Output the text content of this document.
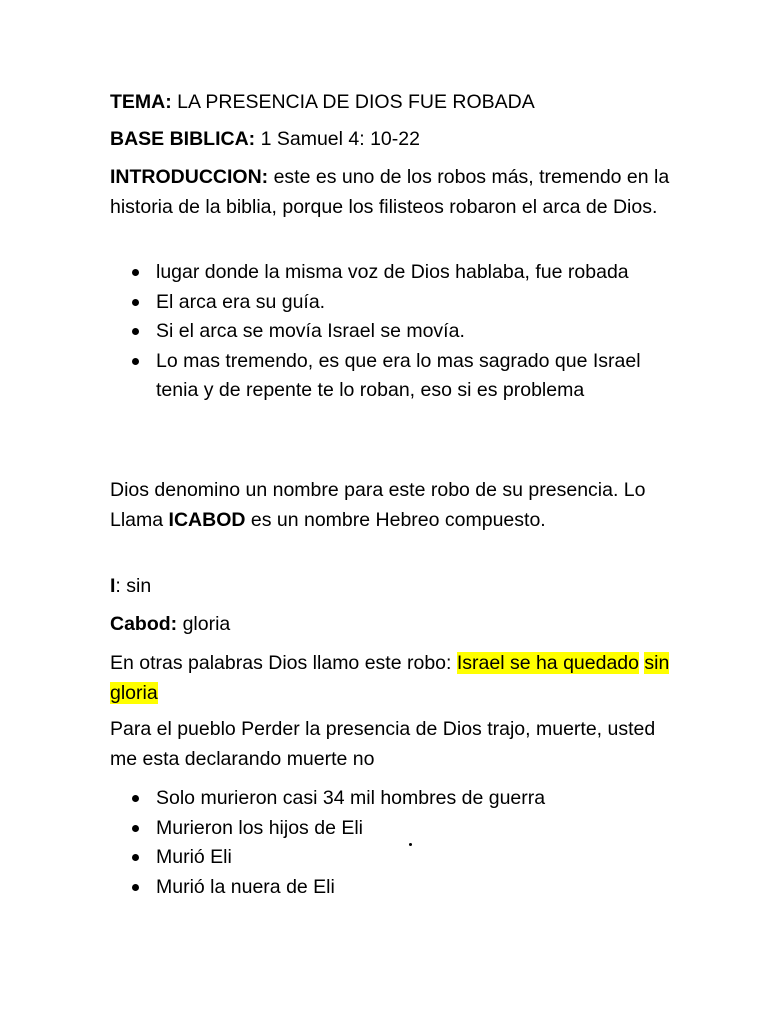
TEMA: LA PRESENCIA DE DIOS FUE ROBADA

BASE BIBLICA: 1 Samuel 4: 10-22

INTRODUCCION: este es uno de los robos más, tremendo en la historia de la biblia, porque los filisteos robaron el arca de Dios.

lugar donde la misma voz de Dios hablaba, fue robada
El arca era su guía.
Si el arca se movía Israel se movía.
Lo mas tremendo, es que era lo mas sagrado que Israel tenia y de repente te lo roban, eso si es problema

Dios denomino un nombre para este robo de su presencia. Lo Llama ICABOD es un nombre Hebreo compuesto.

I: sin

Cabod: gloria

En otras palabras Dios llamo este robo: Israel se ha quedado sin gloria

Para el pueblo Perder la presencia de Dios trajo, muerte, usted me esta declarando muerte no

Solo murieron casi 34 mil hombres de guerra
Murieron los hijos de Eli
Murió Eli
Murió la nuera de Eli
